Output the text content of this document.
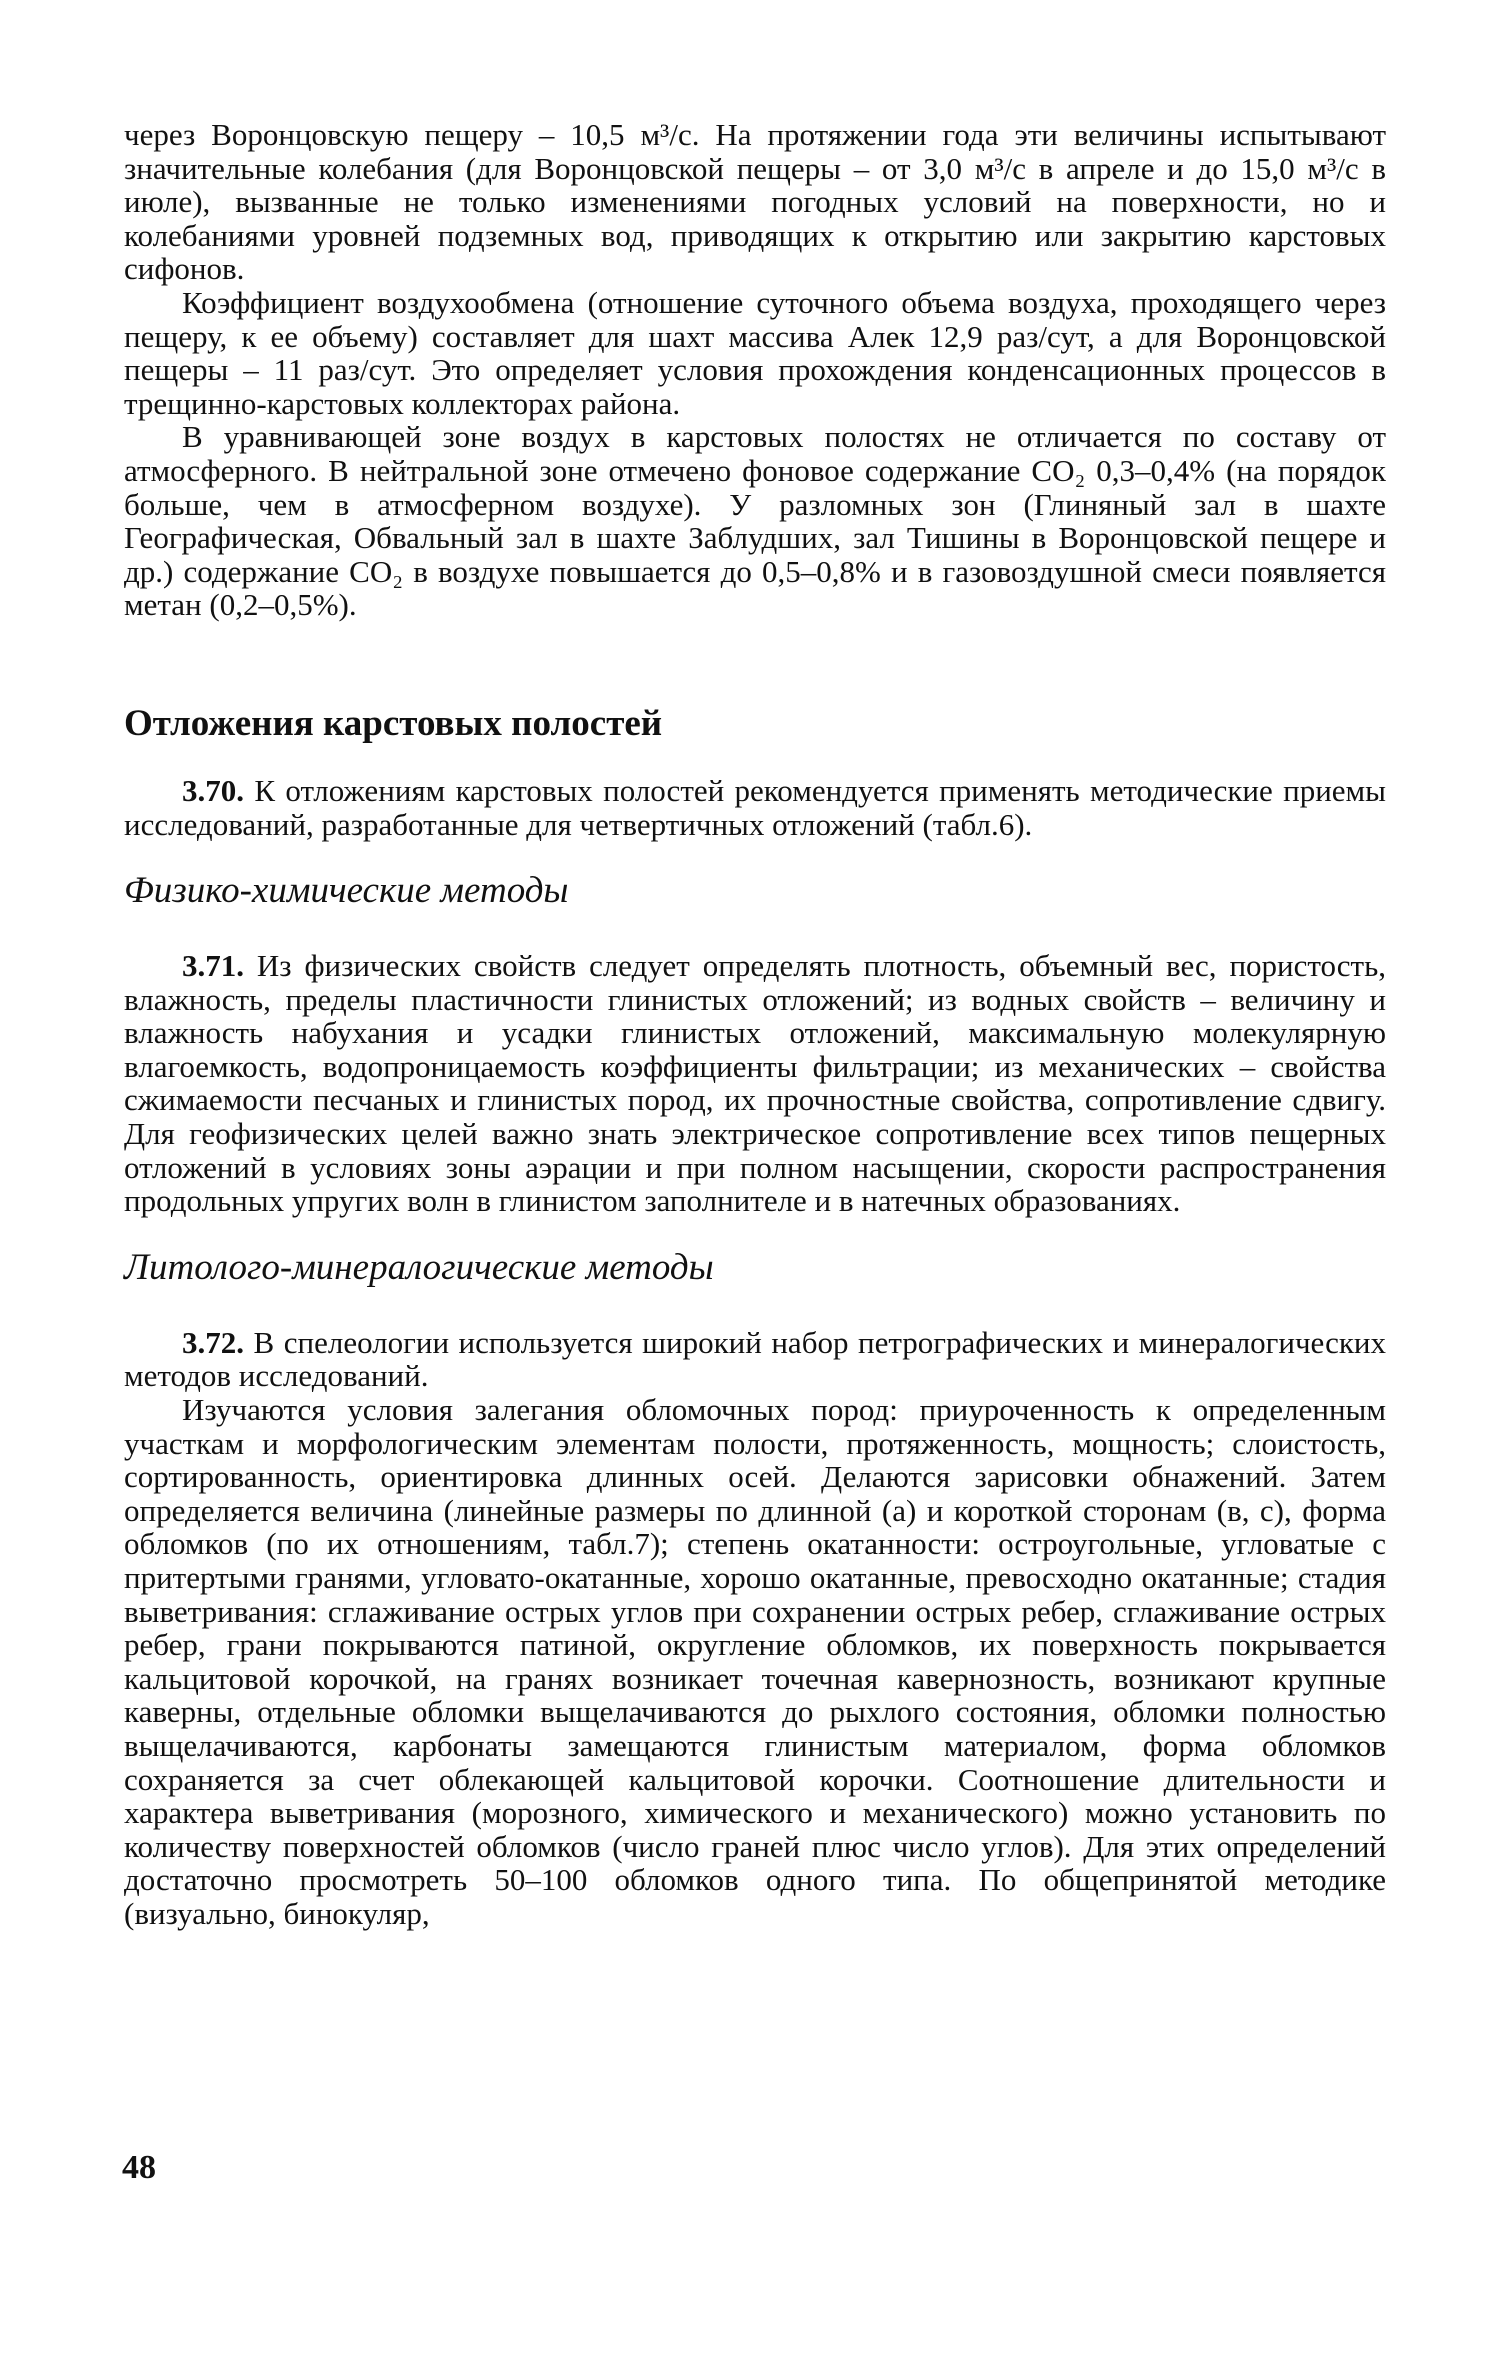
через Воронцовскую пещеру – 10,5 м³/с. На протяжении года эти величины испытывают значительные колебания (для Воронцовской пещеры – от 3,0 м³/с в апреле и до 15,0 м³/с в июле), вызванные не только изменениями погодных условий на поверхности, но и колебаниями уровней подземных вод, приводящих к открытию или закрытию карстовых сифонов.

Коэффициент воздухообмена (отношение суточного объема воздуха, проходящего через пещеру, к ее объему) составляет для шахт массива Алек 12,9 раз/сут, а для Воронцовской пещеры – 11 раз/сут. Это определяет условия прохождения конденсационных процессов в трещинно-карстовых коллекторах района.

В уравнивающей зоне воздух в карстовых полостях не отличается по составу от атмосферного. В нейтральной зоне отмечено фоновое содержание CO₂ 0,3–0,4% (на порядок больше, чем в атмосферном воздухе). У разломных зон (Глиняный зал в шахте Географическая, Обвальный зал в шахте Заблудших, зал Тишины в Воронцовской пещере и др.) содержание CO₂ в воздухе повышается до 0,5–0,8% и в газовоздушной смеси появляется метан (0,2–0,5%).

Отложения карстовых полостей

3.70. К отложениям карстовых полостей рекомендуется применять методические приемы исследований, разработанные для четвертичных отложений (табл.6).

Физико-химические методы

3.71. Из физических свойств следует определять плотность, объемный вес, пористость, влажность, пределы пластичности глинистых отложений; из водных свойств – величину и влажность набухания и усадки глинистых отложений, максимальную молекулярную влагоемкость, водопроницаемость коэффициенты фильтрации; из механических – свойства сжимаемости песчаных и глинистых пород, их прочностные свойства, сопротивление сдвигу. Для геофизических целей важно знать электрическое сопротивление всех типов пещерных отложений в условиях зоны аэрации и при полном насыщении, скорости распространения продольных упругих волн в глинистом заполнителе и в натечных образованиях.

Литолого-минералогические методы

3.72. В спелеологии используется широкий набор петрографических и минералогических методов исследований.

Изучаются условия залегания обломочных пород: приуроченность к определенным участкам и морфологическим элементам полости, протяженность, мощность; слоистость, сортированность, ориентировка длинных осей. Делаются зарисовки обнажений. Затем определяется величина (линейные размеры по длинной (а) и короткой сторонам (в, с), форма обломков (по их отношениям, табл.7); степень окатанности: остроугольные, угловатые с притертыми гранями, угловато-окатанные, хорошо окатанные, превосходно окатанные; стадия выветривания: сглаживание острых углов при сохранении острых ребер, сглаживание острых ребер, грани покрываются патиной, округление обломков, их поверхность покрывается кальцитовой корочкой, на гранях возникает точечная кавернозность, возникают крупные каверны, отдельные обломки выщелачиваются до рыхлого состояния, обломки полностью выщелачиваются, карбонаты замещаются глинистым материалом, форма обломков сохраняется за счет облекающей кальцитовой корочки. Соотношение длительности и характера выветривания (морозного, химического и механического) можно установить по количеству поверхностей обломков (число граней плюс число углов). Для этих определений достаточно просмотреть 50–100 обломков одного типа. По общепринятой методике (визуально, бинокуляр,

48
